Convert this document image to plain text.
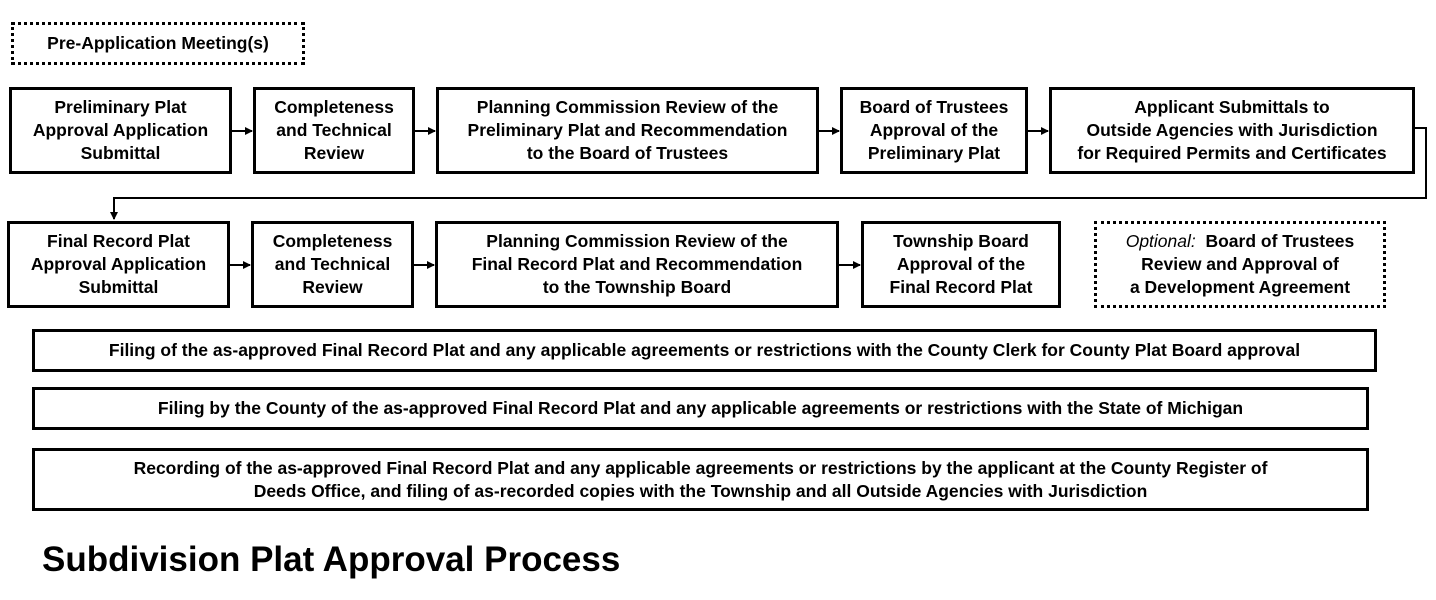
Pre-Application Meeting(s)
Preliminary Plat
Approval Application
Submittal
Completeness
and Technical
Review
Planning Commission Review of the
Preliminary Plat and Recommendation
to the Board of Trustees
Board of Trustees
Approval of the
Preliminary Plat
Applicant Submittals to
Outside Agencies with Jurisdiction
for Required Permits and Certificates
Final Record Plat
Approval Application
Submittal
Completeness
and Technical
Review
Planning Commission Review of the
Final Record Plat and Recommendation
to the Township Board
Township Board
Approval of the
Final Record Plat
Optional: Board of Trustees
Review and Approval of
a Development Agreement
Filing of the as-approved Final Record Plat and any applicable agreements or restrictions with the County Clerk for County Plat Board approval
Filing by the County of the as-approved Final Record Plat and any applicable agreements or restrictions with the State of Michigan
Recording of the as-approved Final Record Plat and any applicable agreements or restrictions by the applicant at the County Register of
Deeds Office, and filing of as-recorded copies with the Township and all Outside Agencies with Jurisdiction
Subdivision Plat Approval Process
